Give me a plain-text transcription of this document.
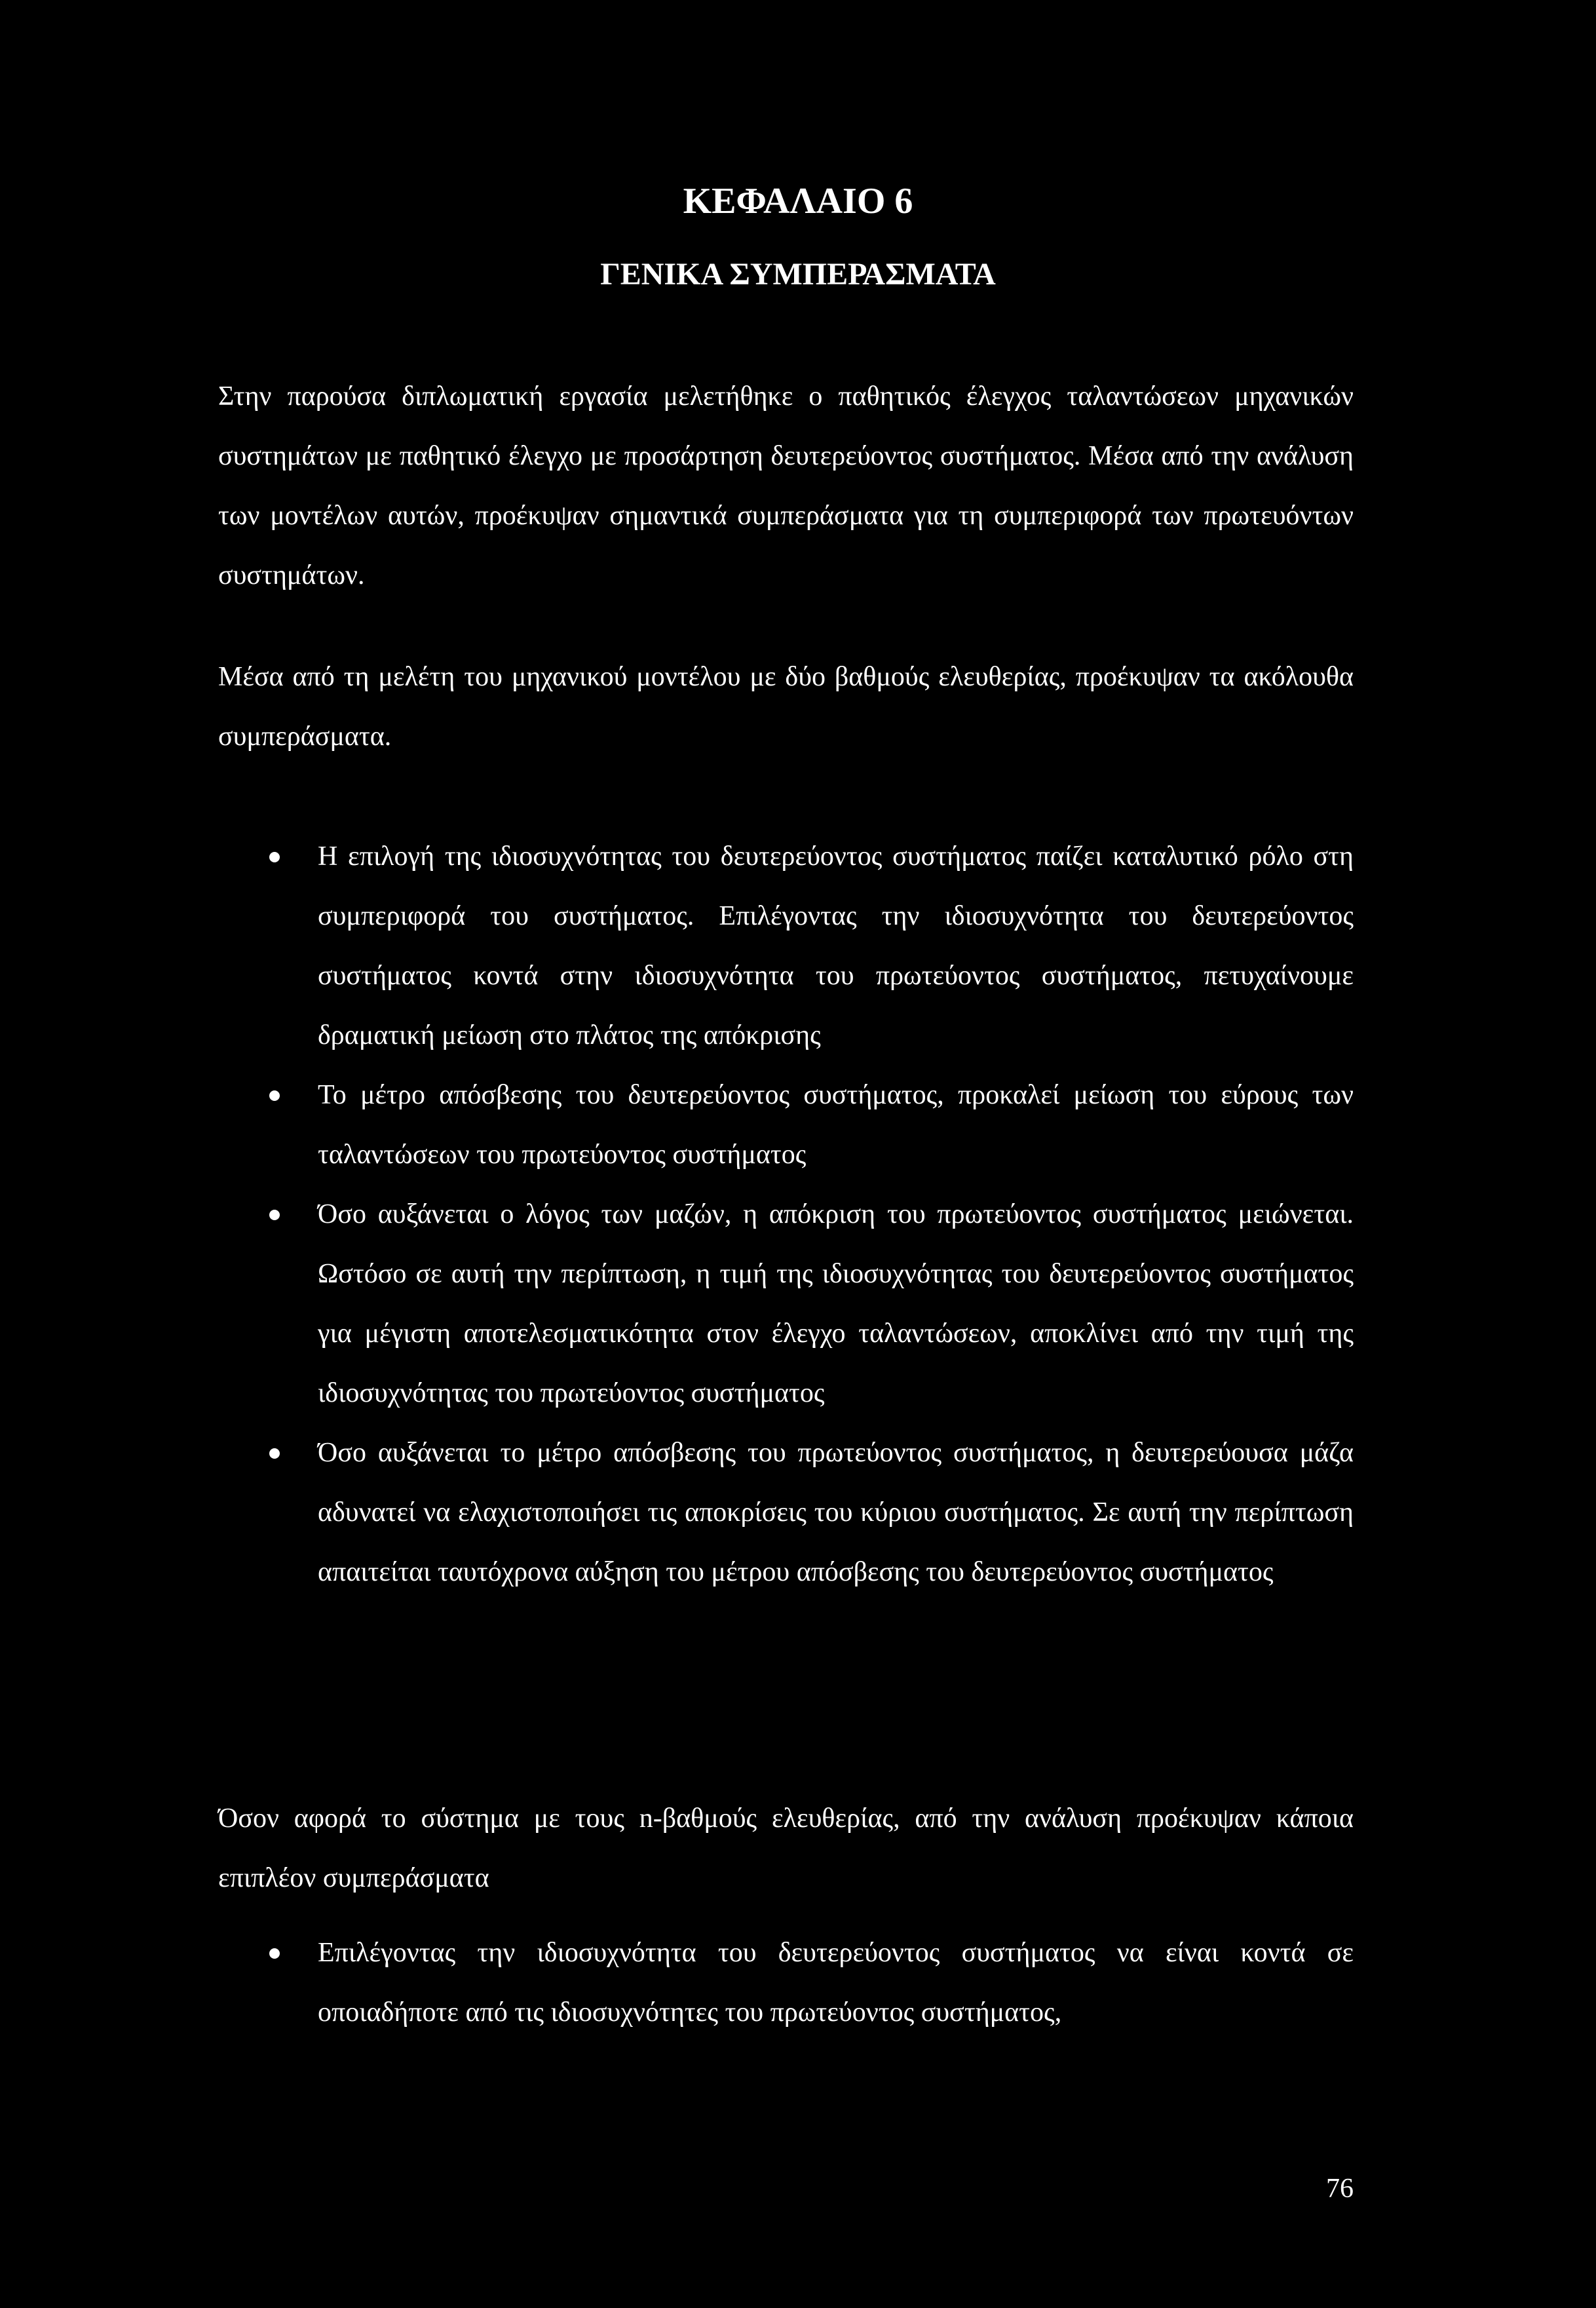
ΚΕΦΑΛΑΙΟ 6
ΓΕΝΙΚΑ ΣΥΜΠΕΡΑΣΜΑΤΑ

Στην παρούσα διπλωματική εργασία μελετήθηκε ο παθητικός έλεγχος ταλαντώσεων μηχανικών συστημάτων με παθητικό έλεγχο με προσάρτηση δευτερεύοντος συστήματος. Μέσα από την ανάλυση των μοντέλων αυτών, προέκυψαν σημαντικά συμπεράσματα για τη συμπεριφορά των πρωτευόντων συστημάτων.

Μέσα από τη μελέτη του μηχανικού μοντέλου με δύο βαθμούς ελευθερίας, προέκυψαν τα ακόλουθα συμπεράσματα.

Η επιλογή της ιδιοσυχνότητας του δευτερεύοντος συστήματος παίζει καταλυτικό ρόλο στη συμπεριφορά του συστήματος. Επιλέγοντας την ιδιοσυχνότητα του δευτερεύοντος συστήματος κοντά στην ιδιοσυχνότητα του πρωτεύοντος συστήματος, πετυχαίνουμε δραματική μείωση στο πλάτος της απόκρισης
Το μέτρο απόσβεσης του δευτερεύοντος συστήματος, προκαλεί μείωση του εύρους των ταλαντώσεων του πρωτεύοντος συστήματος
Όσο αυξάνεται ο λόγος των μαζών, η απόκριση του πρωτεύοντος συστήματος μειώνεται. Ωστόσο σε αυτή την περίπτωση, η τιμή της ιδιοσυχνότητας του δευτερεύοντος συστήματος για μέγιστη αποτελεσματικότητα στον έλεγχο ταλαντώσεων, αποκλίνει από την τιμή της ιδιοσυχνότητας του πρωτεύοντος συστήματος
Όσο αυξάνεται το μέτρο απόσβεσης του πρωτεύοντος συστήματος, η δευτερεύουσα μάζα αδυνατεί να ελαχιστοποιήσει τις αποκρίσεις του κύριου συστήματος. Σε αυτή την περίπτωση απαιτείται ταυτόχρονα αύξηση του μέτρου απόσβεσης του δευτερεύοντος συστήματος

Όσον αφορά το σύστημα με τους n-βαθμούς ελευθερίας, από την ανάλυση προέκυψαν κάποια επιπλέον συμπεράσματα

Επιλέγοντας την ιδιοσυχνότητα του δευτερεύοντος συστήματος να είναι κοντά σε οποιαδήποτε από τις ιδιοσυχνότητες του πρωτεύοντος συστήματος,
76
